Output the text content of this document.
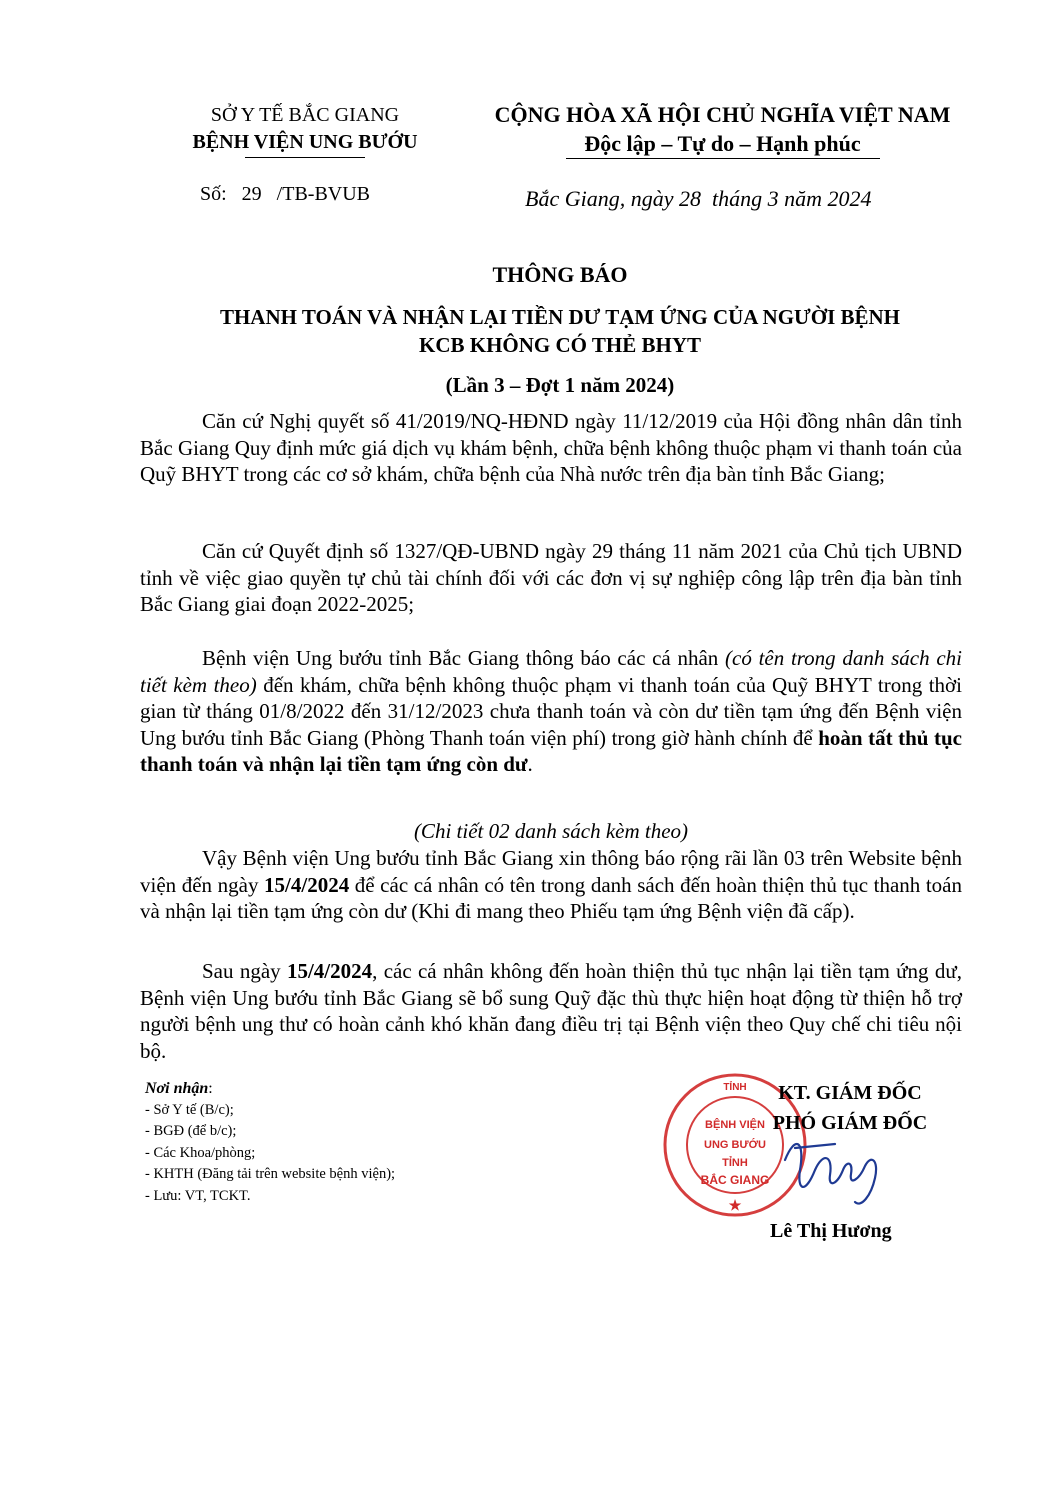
SỞ Y TẾ BẮC GIANG
BỆNH VIỆN UNG BƯỚU
CỘNG HÒA XÃ HỘI CHỦ NGHĨA VIỆT NAM
Độc lập – Tự do – Hạnh phúc
Số:   29   /TB-BVUB	Bắc Giang, ngày 28  tháng 3 năm 2024
THÔNG BÁO
THANH TOÁN VÀ NHẬN LẠI TIỀN DƯ TẠM ỨNG CỦA NGƯỜI BỆNH
KCB KHÔNG CÓ THẺ BHYT
(Lần 3 – Đợt 1 năm 2024)
Căn cứ Nghị quyết số 41/2019/NQ-HĐND ngày 11/12/2019 của Hội đồng nhân dân tỉnh Bắc Giang Quy định mức giá dịch vụ khám bệnh, chữa bệnh không thuộc phạm vi thanh toán của Quỹ BHYT trong các cơ sở khám, chữa bệnh của Nhà nước trên địa bàn tỉnh Bắc Giang;
Căn cứ Quyết định số 1327/QĐ-UBND ngày 29 tháng 11 năm 2021 của Chủ tịch UBND tỉnh về việc giao quyền tự chủ tài chính đối với các đơn vị sự nghiệp công lập trên địa bàn tỉnh Bắc Giang giai đoạn 2022-2025;
Bệnh viện Ung bướu tỉnh Bắc Giang thông báo các cá nhân (có tên trong danh sách chi tiết kèm theo) đến khám, chữa bệnh không thuộc phạm vi thanh toán của Quỹ BHYT trong thời gian từ tháng 01/8/2022 đến 31/12/2023 chưa thanh toán và còn dư tiền tạm ứng đến Bệnh viện Ung bướu tỉnh Bắc Giang (Phòng Thanh toán viện phí) trong giờ hành chính để hoàn tất thủ tục thanh toán và nhận lại tiền tạm ứng còn dư.
(Chi tiết 02 danh sách kèm theo)
Vậy Bệnh viện Ung bướu tỉnh Bắc Giang xin thông báo rộng rãi lần 03 trên Website bệnh viện đến ngày 15/4/2024 để các cá nhân có tên trong danh sách đến hoàn thiện thủ tục thanh toán và nhận lại tiền tạm ứng còn dư (Khi đi mang theo Phiếu tạm ứng Bệnh viện đã cấp).
Sau ngày 15/4/2024, các cá nhân không đến hoàn thiện thủ tục nhận lại tiền tạm ứng dư, Bệnh viện Ung bướu tỉnh Bắc Giang sẽ bổ sung Quỹ đặc thù thực hiện hoạt động từ thiện hỗ trợ người bệnh ung thư có hoàn cảnh khó khăn đang điều trị tại Bệnh viện theo Quy chế chi tiêu nội bộ.
Nơi nhận:
- Sở Y tế (B/c);
- BGĐ (để b/c);
- Các Khoa/phòng;
- KHTH (Đăng tải trên website bệnh viện);
- Lưu: VT, TCKT.
TỈNH
BỆNH VIỆN
UNG BƯỚU
TỈNH
BẮC GIANG
★
KT. GIÁM ĐỐC
PHÓ GIÁM ĐỐC
Lê Thị Hương
